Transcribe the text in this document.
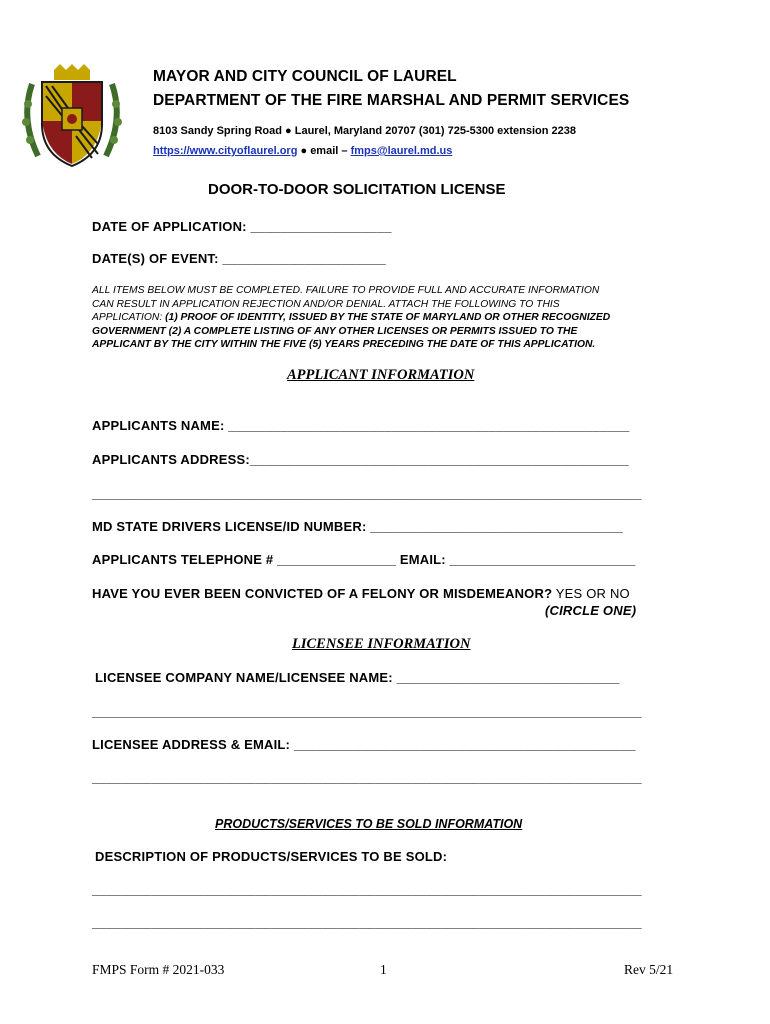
MAYOR AND CITY COUNCIL OF LAUREL
DEPARTMENT OF THE FIRE MARSHAL AND PERMIT SERVICES
8103 Sandy Spring Road ● Laurel, Maryland 20707 (301) 725-5300 extension 2238
https://www.cityoflaurel.org ● email – fmps@laurel.md.us
DOOR-TO-DOOR SOLICITATION LICENSE
DATE OF APPLICATION: ___________________
DATE(S) OF EVENT: ______________________
ALL ITEMS BELOW MUST BE COMPLETED. FAILURE TO PROVIDE FULL AND ACCURATE INFORMATION
CAN RESULT IN APPLICATION REJECTION AND/OR DENIAL. ATTACH THE FOLLOWING TO THIS
APPLICATION: (1) PROOF OF IDENTITY, ISSUED BY THE STATE OF MARYLAND OR OTHER RECOGNIZED
GOVERNMENT (2) A COMPLETE LISTING OF ANY OTHER LICENSES OR PERMITS ISSUED TO THE
APPLICANT BY THE CITY WITHIN THE FIVE (5) YEARS PRECEDING THE DATE OF THIS APPLICATION.
APPLICANT INFORMATION
APPLICANTS NAME: ______________________________________________________
APPLICANTS ADDRESS:___________________________________________________
__________________________________________________________________________
MD STATE DRIVERS LICENSE/ID NUMBER: __________________________________
APPLICANTS TELEPHONE # ________________ EMAIL: _________________________
HAVE YOU EVER BEEN CONVICTED OF A FELONY OR MISDEMEANOR? YES OR NO
(CIRCLE ONE)
LICENSEE INFORMATION
LICENSEE COMPANY NAME/LICENSEE NAME: ______________________________
__________________________________________________________________________
LICENSEE ADDRESS & EMAIL: ______________________________________________
__________________________________________________________________________
PRODUCTS/SERVICES TO BE SOLD INFORMATION
DESCRIPTION OF PRODUCTS/SERVICES TO BE SOLD:
__________________________________________________________________________
__________________________________________________________________________
FMPS Form # 2021-033	1	Rev 5/21
